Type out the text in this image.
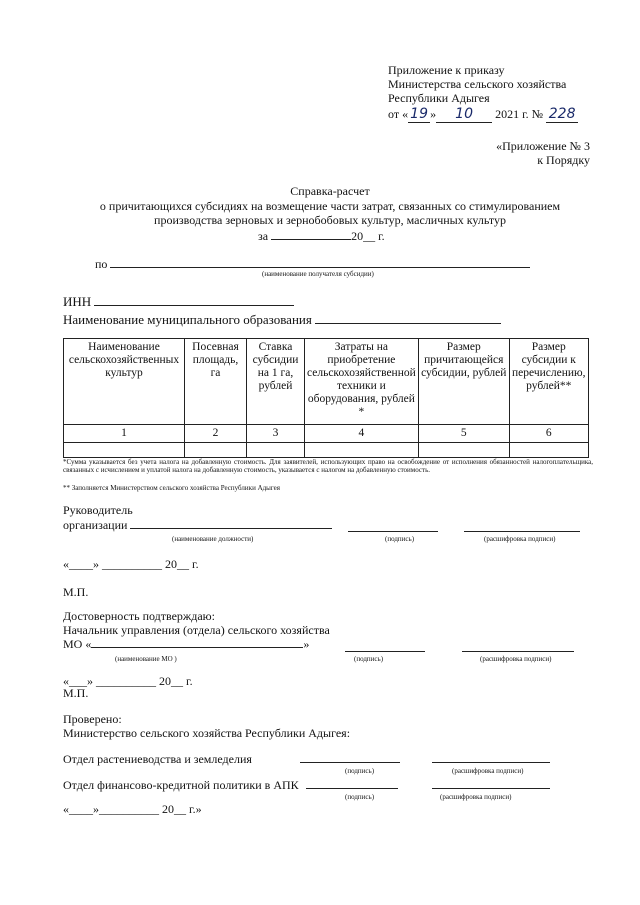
Приложение к приказу
Министерства сельского хозяйства
Республики Адыгея
от « 19 » 10 2021 г. № 228
«Приложение № 3
к Порядку
Справка-расчет
о причитающихся субсидиях на возмещение части затрат, связанных со стимулированием
производства зерновых и зернобобовых культур, масличных культур
за	20__ г.
по
(наименование получателя субсидии)
ИНН
Наименование муниципального образования
Наименование сельскохозяйственных культур	Посевная площадь, га	Ставка субсидии на 1 га, рублей	Затраты на приобретение сельскохозяйственной техники и оборудования, рублей *	Размер причитающейся субсидии, рублей	Размер субсидии к перечислению, рублей**
1	2	3	4	5	6

*Сумма указывается без учета налога на добавленную стоимость. Для заявителей, использующих право на освобождение от исполнения обязанностей налогоплательщика, связанных с исчислением и уплатой налога на добавленную стоимость, указывается с налогом на добавленную стоимость.
** Заполняется Министерством сельского хозяйства Республики Адыгея
Руководитель
организации
(наименование должности)	(подпись)	(расшифровка подписи)
«____» __________ 20__ г.
М.П.
Достоверность подтверждаю:
Начальник управления (отдела) сельского хозяйства
МО «	»
(наименование МО )	(подпись)	(расшифровка подписи)
«___» __________ 20__ г.
М.П.
Проверено:
Министерство сельского хозяйства Республики Адыгея:
Отдел растениеводства и земледелия
(подпись)	(расшифровка подписи)
Отдел финансово-кредитной политики в АПК
(подпись)	(расшифровка подписи)
«____»__________ 20__ г.»
